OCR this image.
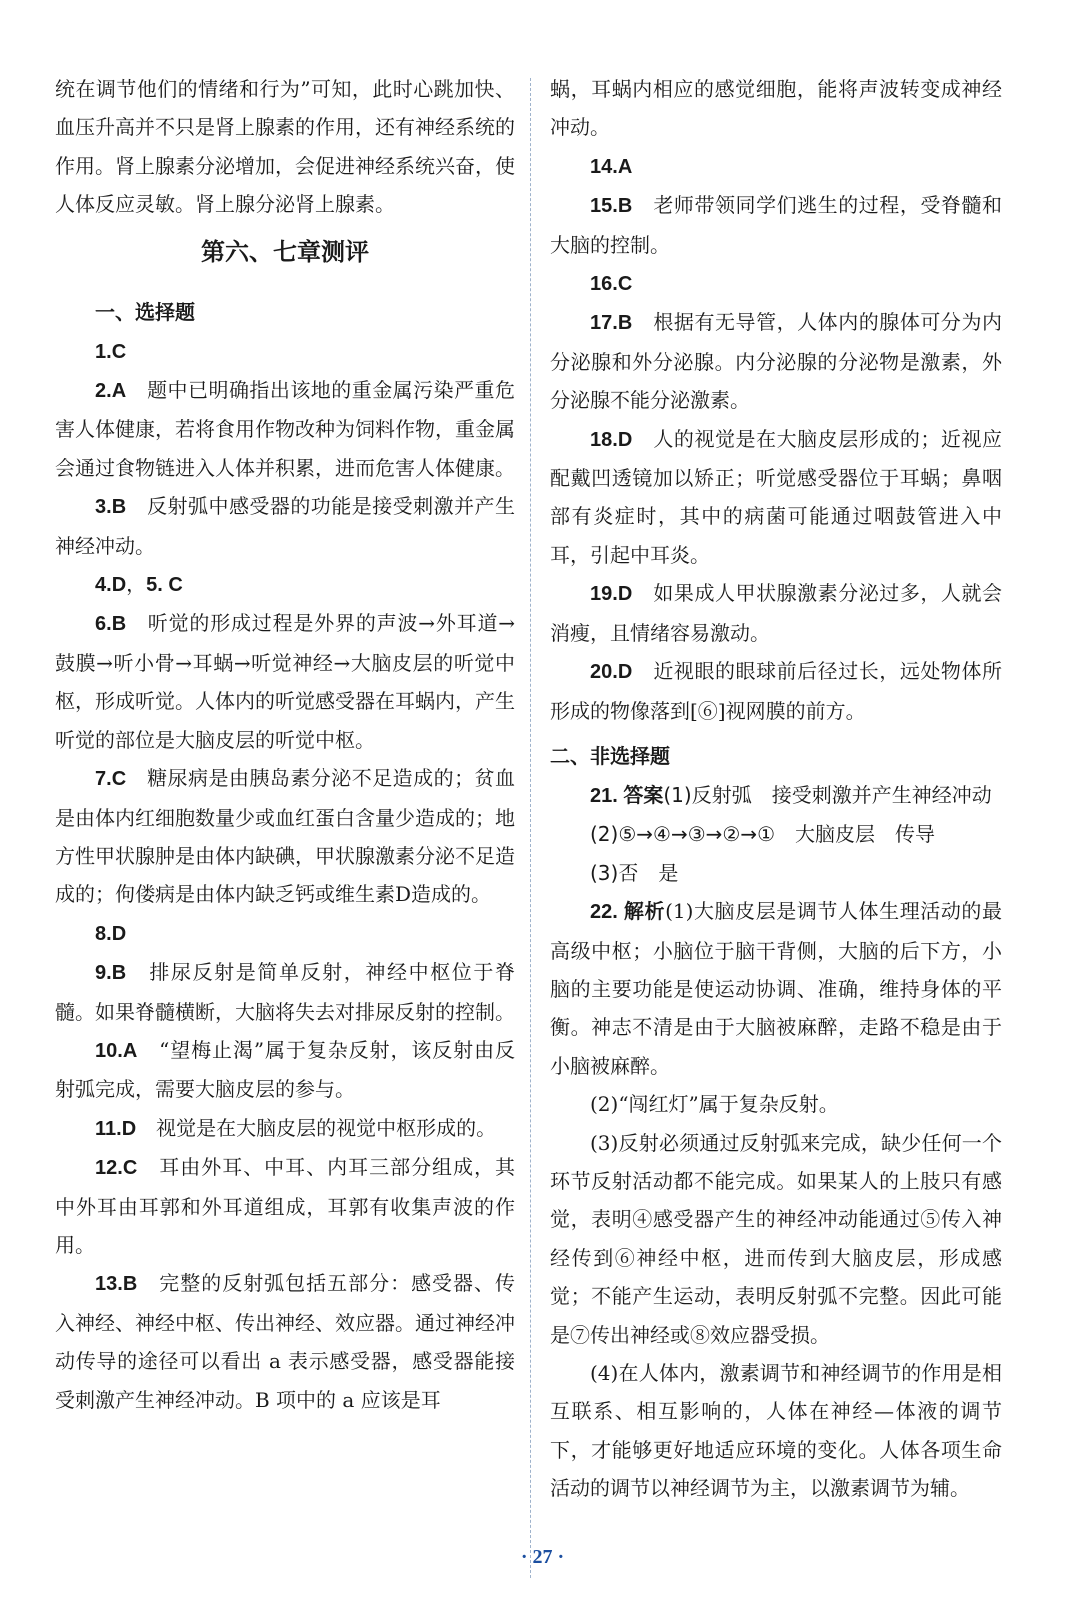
统在调节他们的情绪和行为”可知，此时心跳加快、血压升高并不只是肾上腺素的作用，还有神经系统的作用。肾上腺素分泌增加，会促进神经系统兴奋，使人体反应灵敏。肾上腺分泌肾上腺素。

第六、七章测评
一、选择题

1.C

2.A　 题中已明确指出该地的重金属污染严重危害人体健康，若将食用作物改种为饲料作物，重金属会通过食物链进入人体并积累，进而危害人体健康。

3.B　 反射弧中感受器的功能是接受刺激并产生神经冲动。

4.D，5. C

6.B　 听觉的形成过程是外界的声波→外耳道→鼓膜→听小骨→耳蜗→听觉神经→大脑皮层的听觉中枢，形成听觉。人体内的听觉感受器在耳蜗内，产生听觉的部位是大脑皮层的听觉中枢。

7.C　 糖尿病是由胰岛素分泌不足造成的；贫血是由体内红细胞数量少或血红蛋白含量少造成的；地方性甲状腺肿是由体内缺碘，甲状腺激素分泌不足造成的；佝偻病是由体内缺乏钙或维生素D造成的。

8.D

9.B　 排尿反射是简单反射，神经中枢位于脊髓。如果脊髓横断，大脑将失去对排尿反射的控制。

10.A　 “望梅止渴”属于复杂反射，该反射由反射弧完成，需要大脑皮层的参与。

11.D　 视觉是在大脑皮层的视觉中枢形成的。

12.C　 耳由外耳、中耳、内耳三部分组成，其中外耳由耳郭和外耳道组成，耳郭有收集声波的作用。

13.B　 完整的反射弧包括五部分：感受器、传入神经、神经中枢、传出神经、效应器。通过神经冲动传导的途径可以看出 a 表示感受器，感受器能接受刺激产生神经冲动。B 项中的 a 应该是耳

蜗，耳蜗内相应的感觉细胞，能将声波转变成神经冲动。

14.A

15.B　 老师带领同学们逃生的过程，受脊髓和大脑的控制。

16.C

17.B　 根据有无导管，人体内的腺体可分为内分泌腺和外分泌腺。内分泌腺的分泌物是激素，外分泌腺不能分泌激素。

18.D　 人的视觉是在大脑皮层形成的；近视应配戴凹透镜加以矫正；听觉感受器位于耳蜗；鼻咽部有炎症时，其中的病菌可能通过咽鼓管进入中耳，引起中耳炎。

19.D　 如果成人甲状腺激素分泌过多，人就会消瘦，且情绪容易激动。

20.D　 近视眼的眼球前后径过长，远处物体所形成的物像落到[⑥]视网膜的前方。

二、非选择题

21. 答案(1)反射弧　接受刺激并产生神经冲动

(2)⑤→④→③→②→①　大脑皮层　传导

(3)否　是

22. 解析(1)大脑皮层是调节人体生理活动的最高级中枢；小脑位于脑干背侧，大脑的后下方，小脑的主要功能是使运动协调、准确，维持身体的平衡。神志不清是由于大脑被麻醉，走路不稳是由于小脑被麻醉。

(2)“闯红灯”属于复杂反射。

(3)反射必须通过反射弧来完成，缺少任何一个环节反射活动都不能完成。如果某人的上肢只有感觉，表明④感受器产生的神经冲动能通过⑤传入神经传到⑥神经中枢，进而传到大脑皮层，形成感觉；不能产生运动，表明反射弧不完整。因此可能是⑦传出神经或⑧效应器受损。

(4)在人体内，激素调节和神经调节的作用是相互联系、相互影响的，人体在神经—体液的调节下，才能够更好地适应环境的变化。人体各项生命活动的调节以神经调节为主，以激素调节为辅。

· 27 ·
